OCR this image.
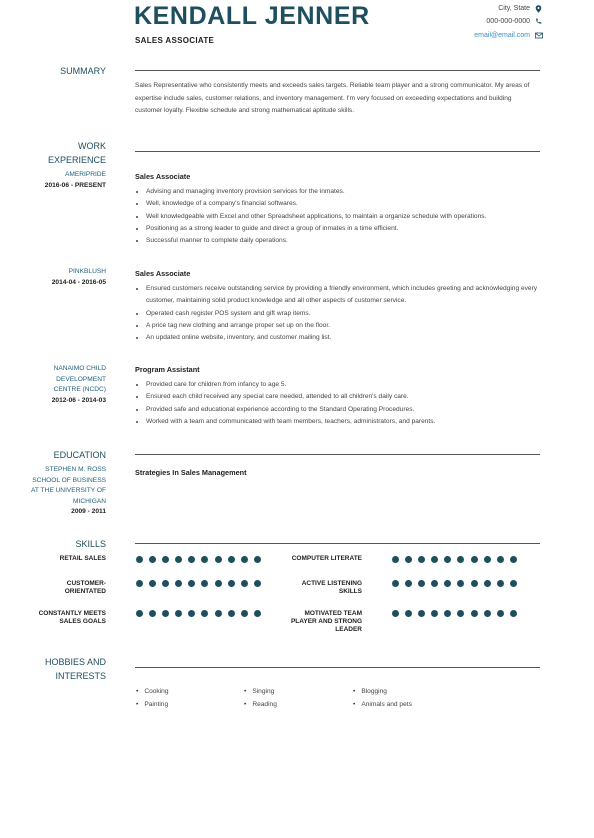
KENDALL JENNER
SALES ASSOCIATE
City, State
000-000-0000
email@email.com
SUMMARY
Sales Representative who consistently meets and exceeds sales targets. Reliable team player and a strong communicator. My areas of expertise include sales, customer relations, and inventory management. I'm very focused on exceeding expectations and building customer loyalty. Flexible schedule and strong mathematical aptitude skills.
WORK
EXPERIENCE
AMERIPRIDE
2016-06 - PRESENT
Sales Associate
• Advising and managing inventory provision services for the inmates.
• Well, knowledge of a company's financial softwares.
• Well knowledgeable with Excel and other Spreadsheet applications, to maintain a organize schedule with operations.
• Positioning as a strong leader to guide and direct a group of inmates in a time efficient.
• Successful manner to complete daily operations.
PINKBLUSH
2014-04 - 2016-05
Sales Associate
• Ensured customers receive outstanding service by providing a friendly environment, which includes greeting and acknowledging every customer, maintaining solid product knowledge and all other aspects of customer service.
• Operated cash register POS system and gift wrap items.
• A price tag new clothing and arrange proper set up on the floor.
• An updated online website, inventory, and customer mailing list.
NANAIMO CHILD
DEVELOPMENT
CENTRE (NCDC)
2012-06 - 2014-03
Program Assistant
• Provided care for children from infancy to age 5.
• Ensured each child received any special care needed, attended to all children's daily care.
• Provided safe and educational experience according to the Standard Operating Procedures.
• Worked with a team and communicated with team members, teachers, administrators, and parents.
EDUCATION
STEPHEN M. ROSS
SCHOOL OF BUSINESS
AT THE UNIVERSITY OF
MICHIGAN
2009 - 2011
Strategies In Sales Management
SKILLS
RETAIL SALES	COMPUTER LITERATE
CUSTOMER-ORIENTATED
ACTIVE LISTENING SKILLS
CONSTANTLY MEETS SALES GOALS
MOTIVATED TEAM PLAYER AND STRONG LEADER
HOBBIES AND
INTERESTS
• Cooking
• Painting
• Singing
• Reading
• Blogging
• Animals and pets
